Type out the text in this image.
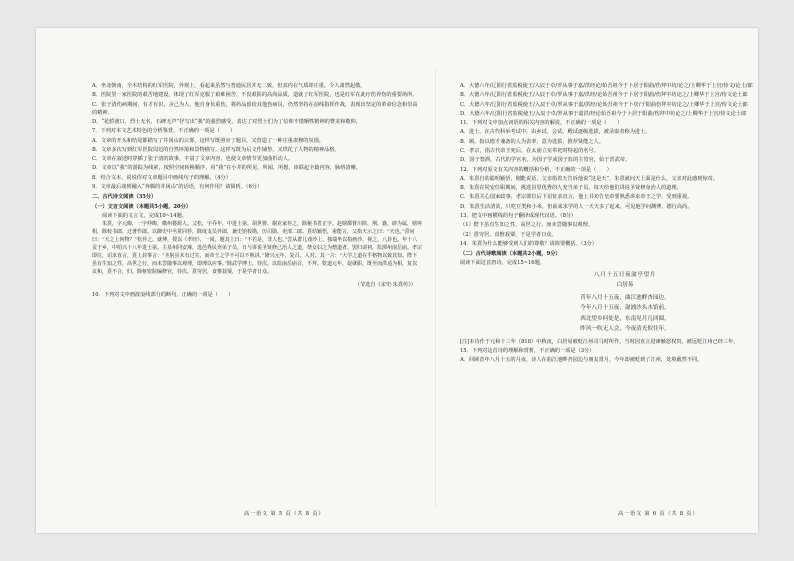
A．坐北朝南，全木结构的红军医院，外观上，看起来虽然与普通民居并无二致，但其内在气质却庄重，令人肃然起敬。

B．医院里一家医院的艰苦地建设，体现了红军克服了艰难困苦、不畏艰险的高尚品质，造就了红军医院，也是红军在此疗伤养伤的重要场所。

C．张子清伤病期间，有才有识，舍己为人，他自身负重伤，将药品留给其他伤病员，仍然坚持在前线指挥作战，表现出坚定的革命信念和崇高的精神。

D．“花轿渡口，烈士无名，石碑无声”抒写出“我”的强烈感受，表达了对烈士们为了信仰不惜牺牲精神的赞美和敬仰。

7．下列对本文艺术特色的分析鉴赏，不正确的一项是（　　）

A．文章的开头和结尾都描写了井冈山的云雾，这样写既照应了题目，又营造了一种庄重肃穆的氛围。

B．文章多次写到红军医院周边的自然环境和景物描写，这样写既为后文作铺垫，又烘托了人物的精神品格。

C．文章在叙述时穿插了张子清的故事，丰富了文章内容，也使文章情节更加曲折动人。

D．文章以“我”的游踪为线索，按照空间转换顺序，用“我”在小井的所见、所闻、所想，串联起全篇内容，脉络清晰。

8．结合文本，说说你对文章题目中画线句子的理解。（4分）

9．文章最后谈到融入“奔腾的井冈山”的话语，有何作用？请简析。（6分）

二、古代诗文阅读（35分）

（一）文言文阅读（本题共5小题，20分）

阅读下面的文言文，完成10~14题。

朱熹，字元晦，一字仲晦，徽州婺源人。父松，字乔年，中进士第。胡世将、谢克家荐之，除秘书省正字。赵鼎都督川陕、荆、襄，辟为属，鼎再相，除校书郎，迁著作郎。以御史中丞常同荐，除度支员外郎，兼史馆校勘，历司勋、吏部二郎。熹幼颖悟，甫能言，父指天示之曰：“天也。”熹问曰：“天之上何物？”松异之。就傅，授以《孝经》，一阅，题其上曰：“不若是，非人也。”尝从群儿戏沙上，独端坐以指画沙，视之，八卦也。年十八贡于乡，中绍兴十八年进士第。主泉州同安簿，选邑秀民充弟子员，日与讲说圣贤修己治人之道，禁女妇之为僧道者。罢归请祠，监潭州南岳庙。孝宗即位，诏求直言，熹上封事言：“圣躬虽未有过失，而帝王之学不可以不熟讲。”隆兴元年，复召。入对，其一言：“大学之道在乎格物以致其知。陛下虽有生知之性，高世之行，而未尝随事以观理，即理以应事。”除武学博士，待次。以监南岳庙召，不拜。乾道元年，促就职，既至而洪适为相，复以议和，熹不合，归。除枢密院编修官，待次。熹穷居，食惟菽粟，于是学者日众。

（节选自《宋史·朱熹传》）

10．下列对文中画波浪线部分的断句，正确的一项是（　　）

A．大德六年/辽阳行省监税使王/入辰于卓/罗从事于嘉/洪经论/始吾祖今于卜居于阳曲/伤拜中坊/论之/士卿华于上宫/侍文/论士/郎

B．大德六年/辽阳行省监税使王/入辰于卓/罗从事于嘉/洪经/论始吾祖今于卜居于阳曲/伤拜中坊论之/上卿华于上宫/侍文论士郎

C．大德六年/辽阳行省监税使王/入辰于卓/罗从事于嘉/洪经/论始吾祖今于卜居/于阳曲伤拜中坊论之/上卿华于上宫/侍文论士郎

D．大德六年/辽阳行省监税使王/入辰于卓/罗从事于嘉洪/经论始吾祖今于卜居于阳曲/伤拜中坊论之/上卿华于上宫/侍文论士郎

11．下列对文中加点词语的相关内容的解说，不正确的一项是（　　）

A．进士，在古代科举考试中，由乡试、会试、殿试逐级选拔，被录取者称为进士。

B．顾，指以德才兼备的人为表率，意为选拔、推荐贤能之人。

C．孝宗，指古代帝王死后，在太庙立室奉祀时特起的名号。

D．国子祭酒，古代的学官名，为国子学或国子监的主管官，始于晋武帝。

12．下列对原文有关内容的概括和分析，不正确的一项是（　　）

A．朱熹自幼聪明颖悟，刚能说话，父亲指着天告诉他说“这是天”，朱熹就问天上面是什么，父亲对此感到惊奇。

B．朱熹在同安任职期间，挑选县里优秀的人充当弟子员，每天给他们讲说圣贤修身治人的道理。

C．朱熹关心国家政事，孝宗即位后下诏征求直言，他上书劝告皇帝要熟悉讲求帝王之学，受到重视。

D．朱熹生活清贫，只吃豆类和小米，但前来求学的人一天天多了起来，可见他学问渊博、德行高尚。

13．把文中画横线的句子翻译成现代汉语。（8分）

（1）陛下虽有生知之性，高世之行，而未尝随事以观理。

（2）熹穷居，食惟菽粟，于是学者日众。

14．朱熹为什么能够受到人们的尊敬？请简要概括。（3分）

（二）古代诗歌阅读（本题共2小题，9分）

阅读下面这首唐诗，完成15~16题。

八月十五日夜湓亭望月
白居易
昔年八月十五夜，曲江池畔杏园边。
今年八月十五夜，湓浦沙头水馆前。
西北望乡何处是，东南见月几回圆。
昨风一吹无人会，今夜清光似往年。

[注]本诗作于元和十三年（818）中秋夜，白居易被贬江州司马时所作。当时因直言进谏触怒权贵，被远贬江州已经三年。

15．下列对这首诗的理解和赏析，不正确的一项是（3分）

A．回顾昔年八月十五的月夜，诗人在曲江池畔杏园边与朋友赏月，今年却被贬到了江州，处境截然不同。

高一语文 第 5 页（共 8 页）	高一语文 第 6 页（共 8 页）
